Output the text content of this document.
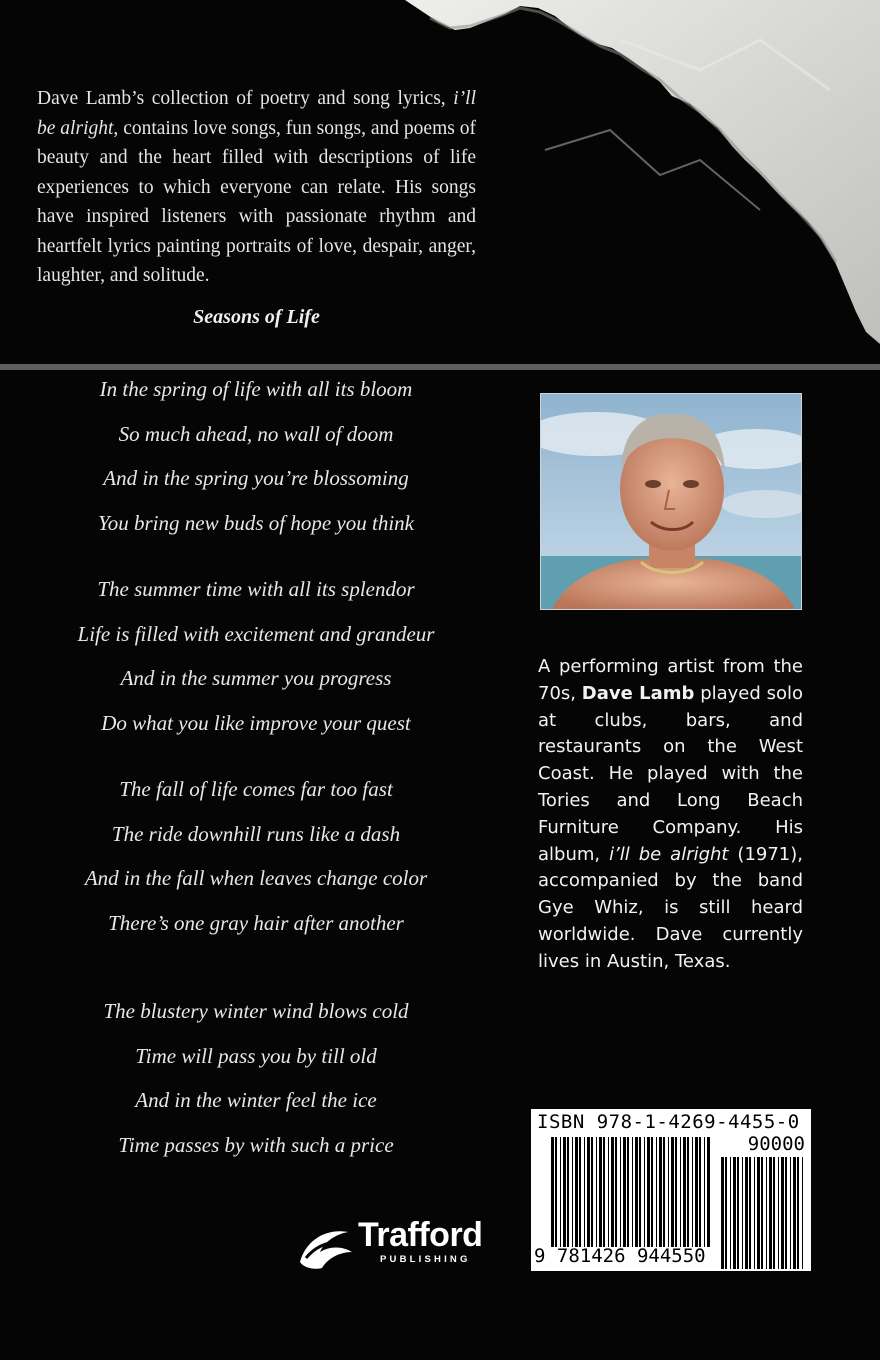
Dave Lamb’s collection of poetry and song lyrics, i’ll be alright, contains love songs, fun songs, and poems of beauty and the heart filled with descriptions of life experiences to which everyone can relate. His songs have inspired listeners with passionate rhythm and heartfelt lyrics painting portraits of love, despair, anger, laughter, and solitude.
Seasons of Life
In the spring of life with all its bloom
So much ahead, no wall of doom
And in the spring you’re blossoming
You bring new buds of hope you think
The summer time with all its splendor
Life is filled with excitement and grandeur
And in the summer you progress
Do what you like improve your quest
The fall of life comes far too fast
The ride downhill runs like a dash
And in the fall when leaves change color
There’s one gray hair after another
The blustery winter wind blows cold
Time will pass you by till old
And in the winter feel the ice
Time passes by with such a price
A performing artist from the 70s, Dave Lamb played solo at clubs, bars, and restaurants on the West Coast. He played with the Tories and Long Beach Furniture Company. His album, i’ll be alright (1971), accompanied by the band Gye Whiz, is still heard worldwide. Dave currently lives in Austin, Texas.
ISBN 978-1-4269-4455-0
90000
9 781426 944550
Trafford
PUBLISHING
